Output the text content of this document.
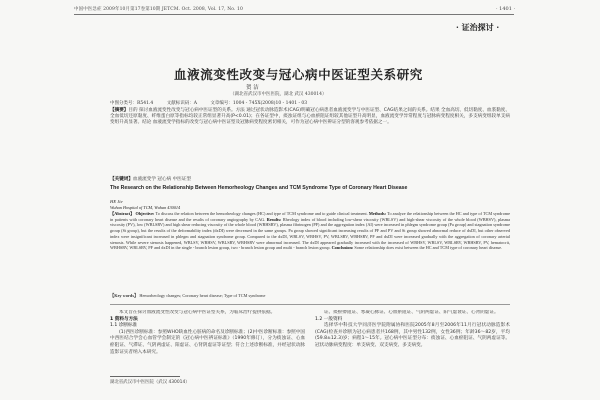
中国中医急症 2009年10月第17卷第10期 JETCM. Oct. 2008, Vol. 17, No. 10	· 1401 ·
· 证治探讨 ·
血液流变性改变与冠心病中医证型关系研究
贺 洁
（湖北省武汉市中医医院，湖北 武汉 430014）
中图分类号：R541.4	文献标识码：A	文章编号：1004 - 745X(2008)10 - 1401 - 03
【摘要】目的 探讨血液流变性改变与冠心病中医证型的关系。方法 通过冠状动脉造影术(CAG)明确冠心病患者血液流变学与中医证型、CAG结果之间的关系。结果 全血高切、低切黏度、血浆黏度、全血低切还原黏度、纤维蛋白原等指标均较正常组显著升高(P<0.01)；在各证型中，痰浊证组与心血瘀阻证组较其他证型升高明显，血液流变学异常程度与冠脉病变程度相关，多支病变组较单支病变组升高显著。结论 血液流变学指标的改变与冠心病中医证型及冠脉病变程度密切相关，可作为冠心病中医辨证分型的客观参考依据之一。
【关键词】血液流变学 冠心病 中医证型
The Research on the Relationship Between Hemorheology Changes and TCM Syndrome Type of Coronary Heart Disease
HE Jie
Wuhan Hospital of TCM, Wuhan 430014
【Abstract】 Objective: To discuss the relation between the hemorheology changes (HC) and type of TCM syndrome and to guide clinical treatment. Methods: To analyze the relationship between the HC and type of TCM syndrome in patients with coronary heart disease and the results of coronary angiography by CAG. Results: Rheology index of blood including low-shear viscosity (WBLSV) and high-shear viscosity of the whole blood (WBHSV), plasma viscosity (PV), low (WBLSRV) and high shear reducing viscosity of the whole blood (WBHSRV), plasma fibrinogen (PF) and the aggregation index (AI) were increased in phlegm syndrome group (Pa group) and stagnation syndrome group (St group), but the results of the deformability index (dxDI) were decreased in the same groups. Pa group showed significant increasing results of PF and PV and St group showed abnormal reduce of dxDI, but other observed index were insignificant increased in phlegm and stagnation syndrome group. Compared to the dxDI, WBLSV, WBHSV, PV, WBLSRV, WBHSRV, PF and dxDI were increased gradually with the aggregation of coronary arterial stenosis. While severe stenosis happened, WBLSV, WBHSV, WBLSRV, WBHSRV were abnormal increased. The dxDI appeared gradually increased with the increased of WBHSV, WBLSV, WBLSRV, WBHSRV, PV, hematocrit, WBHSRV, WBLSRV, PF and dxDI in the single - branch lesion group, two - branch lesion group and multi - branch lesion group. Conclusion: Some relationship does exist between the HC and TCM type of coronary heart disease.
【Key words】 Hemorheology changes; Coronary heart disease; Type of TCM syndrome

本文旨在探讨血液流变性改变与冠心病中医证型关系，为临床治疗提供依据。

1 资料与方法

1.1 诊断标准

(1)西医诊断标准：参照WHO缺血性心脏病的命名及诊断标准；(2)中医诊断标准：参照中国中西医结合学会心血管学会制定的《冠心病中医辨证标准》（1990年修订），分为痰浊证、心血瘀阻证、气滞证、气阴两虚证、阳虚证、心肾阴虚证等证型；符合上述诊断标准，并经冠状动脉造影证实者纳入本研究。

证、痰瘀痹阻证、寒凝心脉证、心血瘀阻证、气阴两虚证、阳气虚衰证、心肾阴虚证。

1.2 一般资料

选择华中科技大学同济医学院附属协和医院2005年8月至2006年11月行冠状动脉造影术(CAG)检查并诊断为冠心病患者共168例，其中男性132例，女性36例；年龄36～82岁，平均(59.8±12.3)岁；病程1～15年。冠心病中医证型分布：痰浊证、心血瘀阻证、气阴两虚证等。冠状动脉病变程度：单支病变、双支病变、多支病变。

湖北省武汉市中医医院（武汉 430014）
